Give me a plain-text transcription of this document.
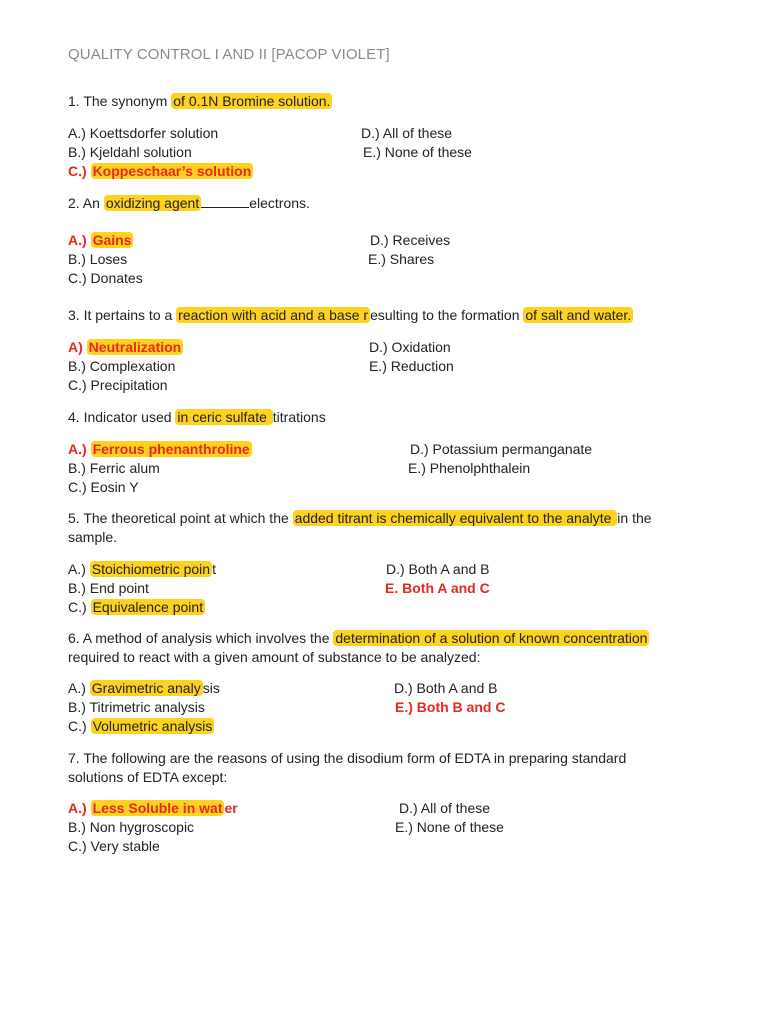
QUALITY CONTROL I AND II [PACOP VIOLET]
1. The synonym of 0.1N Bromine solution.
A.) Koettsdorfer solution
B.) Kjeldahl solution
C.) Koppeschaar’s solution
D.) All of these
E.) None of these
2. An oxidizing agent	electrons.
A.) Gains
B.) Loses
C.) Donates
D.) Receives
E.) Shares
3. It pertains to a reaction with acid and a base r esulting to the formation of salt and water.
A) Neutralization
B.) Complexation
C.) Precipitation
D.) Oxidation
E.) Reduction
4. Indicator used in ceric sulfate titrations
A.) Ferrous phenanthroline
B.) Ferric alum
C.) Eosin Y
D.) Potassium permanganate
E.) Phenolphthalein
5. The theoretical point at which the added titrant is chemically equivalent to the analyte in the
sample.
A.) Stoichiometric poin t
B.) End point
C.) Equivalence point
D.) Both A and B
E. Both A and C
6. A method of analysis which involves the determination of a solution of known concentration
required to react with a given amount of substance to be analyzed:
A.) Gravimetric analy sis
B.) Titrimetric analysis
C.) Volumetric analysis
D.) Both A and B
E.) Both B and C
7. The following are the reasons of using the disodium form of EDTA in preparing standard
solutions of EDTA except:
A.) Less Soluble in wat er
B.) Non hygroscopic
C.) Very stable
D.) All of these
E.) None of these
